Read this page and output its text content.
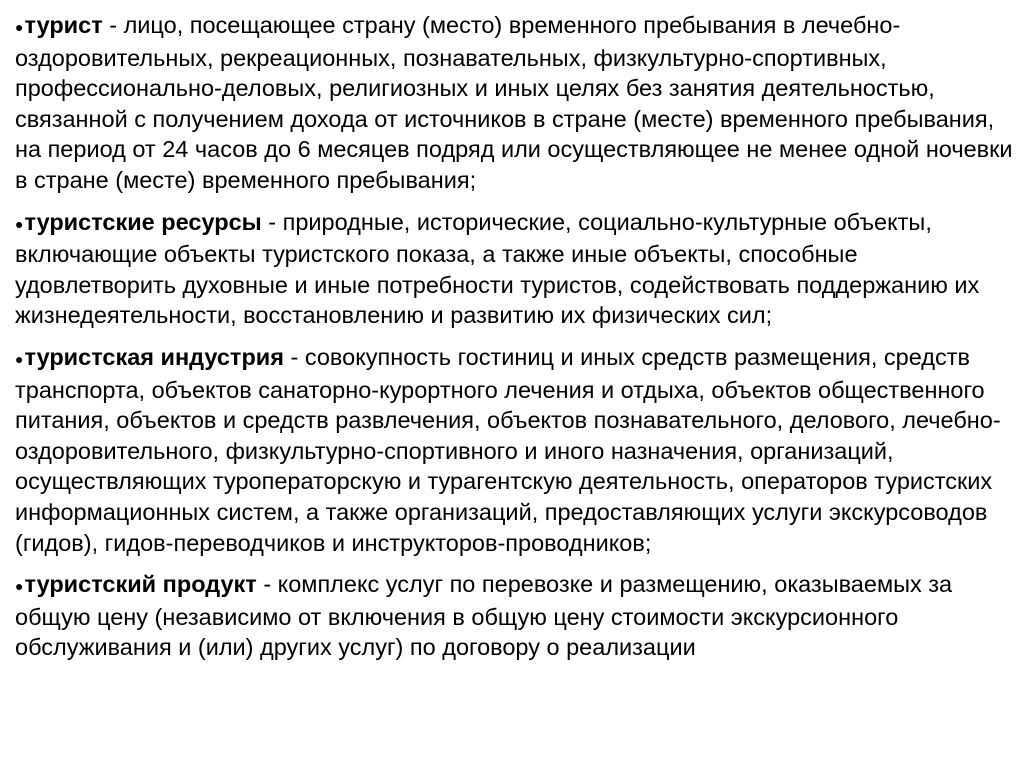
●турист - лицо, посещающее страну (место) временного пребывания в лечебно-оздоровительных, рекреационных, познавательных, физкультурно-спортивных, профессионально-деловых, религиозных и иных целях без занятия деятельностью, связанной с получением дохода от источников в стране (месте) временного пребывания, на период от 24 часов до 6 месяцев подряд или осуществляющее не менее одной ночевки в стране (месте) временного пребывания;

●туристские ресурсы - природные, исторические, социально-культурные объекты, включающие объекты туристского показа, а также иные объекты, способные удовлетворить духовные и иные потребности туристов, содействовать поддержанию их жизнедеятельности, восстановлению и развитию их физических сил;

●туристская индустрия - совокупность гостиниц и иных средств размещения, средств транспорта, объектов санаторно-курортного лечения и отдыха, объектов общественного питания, объектов и средств развлечения, объектов познавательного, делового, лечебно-оздоровительного, физкультурно-спортивного и иного назначения, организаций, осуществляющих туроператорскую и турагентскую деятельность, операторов туристских информационных систем, а также организаций, предоставляющих услуги экскурсоводов (гидов), гидов-переводчиков и инструкторов-проводников;

●туристский продукт - комплекс услуг по перевозке и размещению, оказываемых за общую цену (независимо от включения в общую цену стоимости экскурсионного обслуживания и (или) других услуг) по договору о реализации
